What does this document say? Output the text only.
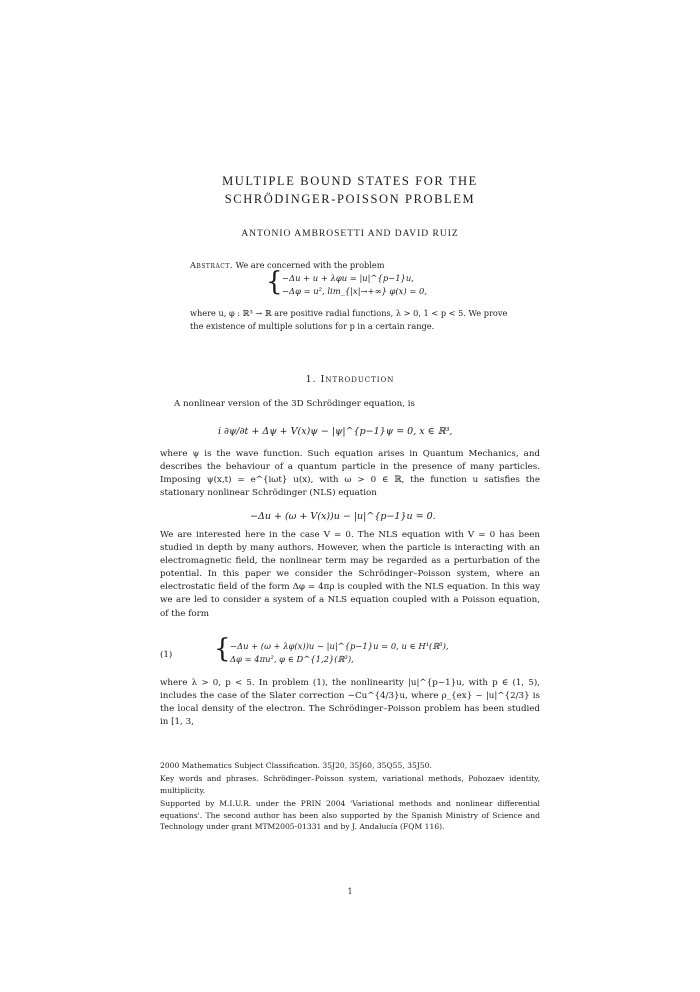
MULTIPLE BOUND STATES FOR THE
SCHRÖDINGER-POISSON PROBLEM
ANTONIO AMBROSETTI AND DAVID RUIZ
Abstract. We are concerned with the problem
{ −Δu + u + λφu = |u|^{p−1}u,
−Δφ = u², lim_{|x|→+∞} φ(x) = 0,
where u, φ : ℝ³ → ℝ are positive radial functions, λ > 0, 1 < p < 5. We prove the existence of multiple solutions for p in a certain range.
1. Introduction
A nonlinear version of the 3D Schrödinger equation, is
i ∂ψ/∂t + Δψ + V(x)ψ − |ψ|^{p−1}ψ = 0, x ∈ ℝ³,
where ψ is the wave function. Such equation arises in Quantum Mechanics, and describes the behaviour of a quantum particle in the presence of many particles. Imposing ψ(x,t) = e^{iωt} u(x), with ω > 0 ∈ ℝ, the function u satisfies the stationary nonlinear Schrödinger (NLS) equation
−Δu + (ω + V(x))u − |u|^{p−1}u = 0.
We are interested here in the case V = 0. The NLS equation with V = 0 has been studied in depth by many authors. However, when the particle is interacting with an electromagnetic field, the nonlinear term may be regarded as a perturbation of the potential. In this paper we consider the Schrödinger–Poisson system, where an electrostatic field of the form Δφ = 4πρ is coupled with the NLS equation. In this way we are led to consider a system of a NLS equation coupled with a Poisson equation, of the form
(1) { −Δu + (ω + λφ(x))u − |u|^{p−1}u = 0, u ∈ H¹(ℝ³),
Δφ = 4πu², φ ∈ D^{1,2}(ℝ³),
where λ > 0, p < 5. In problem (1), the nonlinearity |u|^{p−1}u, with p ∈ (1, 5), includes the case of the Slater correction −Cu^{4/3}u, where ρ_{ex} ~ |u|^{2/3} is the local density of the electron. The Schrödinger–Poisson problem has been studied in [1, 3,
2000 Mathematics Subject Classification. 35J20, 35J60, 35Q55, 35J50.
Key words and phrases. Schrödinger–Poisson system, variational methods, Pohozaev identity, multiplicity.
Supported by M.I.U.R. under the PRIN 2004 'Variational methods and nonlinear differential equations'. The second author has been also supported by the Spanish Ministry of Science and Technology under grant MTM2005-01331 and by J. Andalucía (FQM 116).
1
